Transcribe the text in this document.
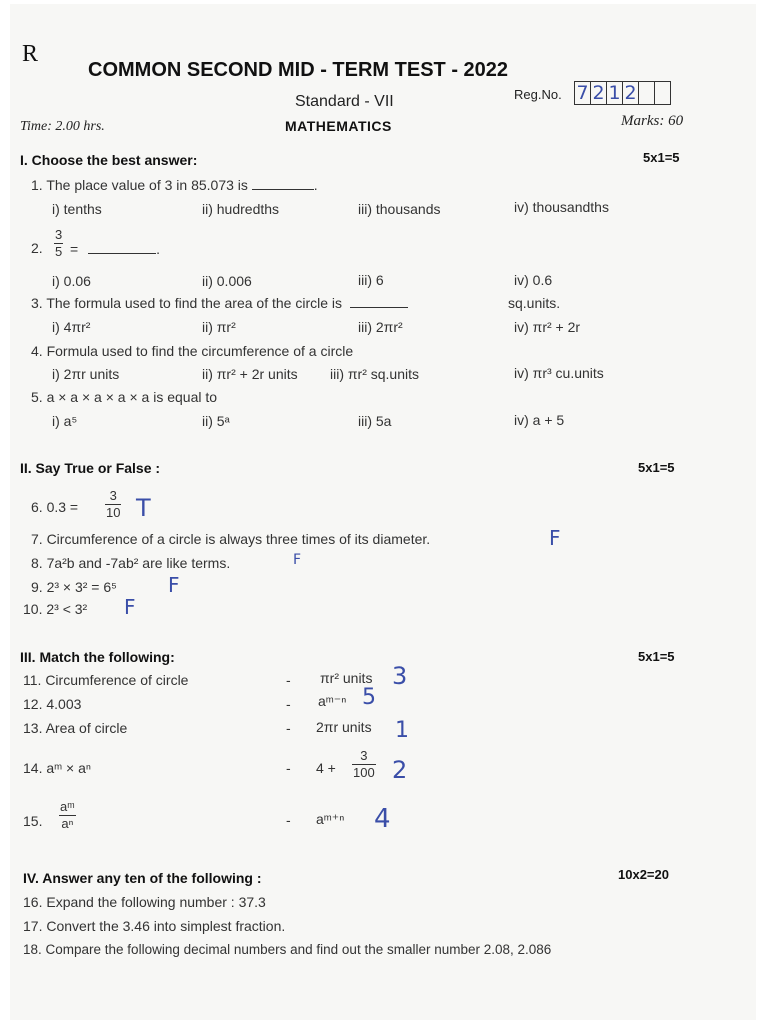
R
COMMON SECOND MID - TERM TEST - 2022
Standard - VII	Reg.No. 7 2 1 2
Time: 2.00 hrs.	MATHEMATICS	Marks: 60
I. Choose the best answer:	5x1=5
1. The place value of 3 in 85.073 is	.
i) tenths	ii) hudredths	iii) thousands	iv) thousandths
2.
3
5 =	.
i) 0.06	ii) 0.006	iii) 6	iv) 0.6
3. The formula used to find the area of the circle is	sq.units.
i) 4πr²	ii) πr²	iii) 2πr²	iv) πr² + 2r
4. Formula used to find the circumference of a circle
i) 2πr units	ii) πr² + 2r units iii) πr² sq.units	iv) πr³ cu.units
5. a × a × a × a × a is equal to
i) a⁵	ii) 5ᵃ	iii) 5a	iv) a + 5
II. Say True or False :	5x1=5
6. 0.3 =
3
10 T
7. Circumference of a circle is always three times of its diameter.	F
8. 7a²b and -7ab² are like terms.	F
9. 2³ × 3² = 6⁵	F
10. 2³ < 3² F
III. Match the following:	5x1=5
11. Circumference of circle	- πr² units 3
12. 4.003	- aᵐ⁻ⁿ 5
13. Area of circle	- 2πr units 1
14. aᵐ × aⁿ	- 4 +
3
100 2
15.
aᵐ
aⁿ	- aᵐ⁺ⁿ 4
IV. Answer any ten of the following :	10x2=20
16. Expand the following number : 37.3
17. Convert the 3.46 into simplest fraction.
18. Compare the following decimal numbers and find out the smaller number 2.08, 2.086
